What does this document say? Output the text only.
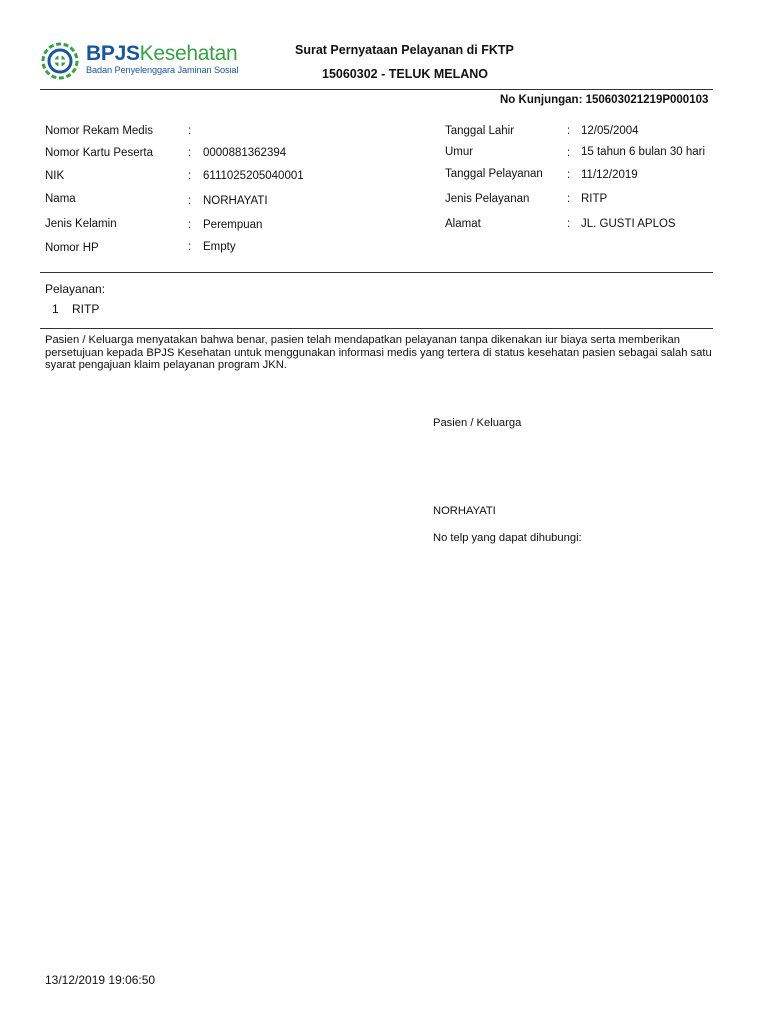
BPJSKesehatan
Badan Penyelenggara Jaminan Sosial
Surat Pernyataan Pelayanan di FKTP
15060302 - TELUK MELANO
No Kunjungan: 150603021219P000103
Nomor Rekam Medis	:
Nomor Kartu Peserta	: 0000881362394
NIK	: 6111025205040001
Nama	: NORHAYATI
Jenis Kelamin	: Perempuan
Nomor HP	: Empty
Tanggal Lahir	: 12/05/2004
Umur	: 15 tahun 6 bulan 30 hari
Tanggal Pelayanan : 11/12/2019
Jenis Pelayanan	: RITP
Alamat	: JL. GUSTI APLOS
Pelayanan:
1 RITP
Pasien / Keluarga menyatakan bahwa benar, pasien telah mendapatkan pelayanan tanpa dikenakan iur biaya serta memberikan persetujuan kepada BPJS Kesehatan untuk menggunakan informasi medis yang tertera di status kesehatan pasien sebagai salah satu syarat pengajuan klaim pelayanan program JKN.
Pasien / Keluarga
NORHAYATI
No telp yang dapat dihubungi:
13/12/2019 19:06:50
